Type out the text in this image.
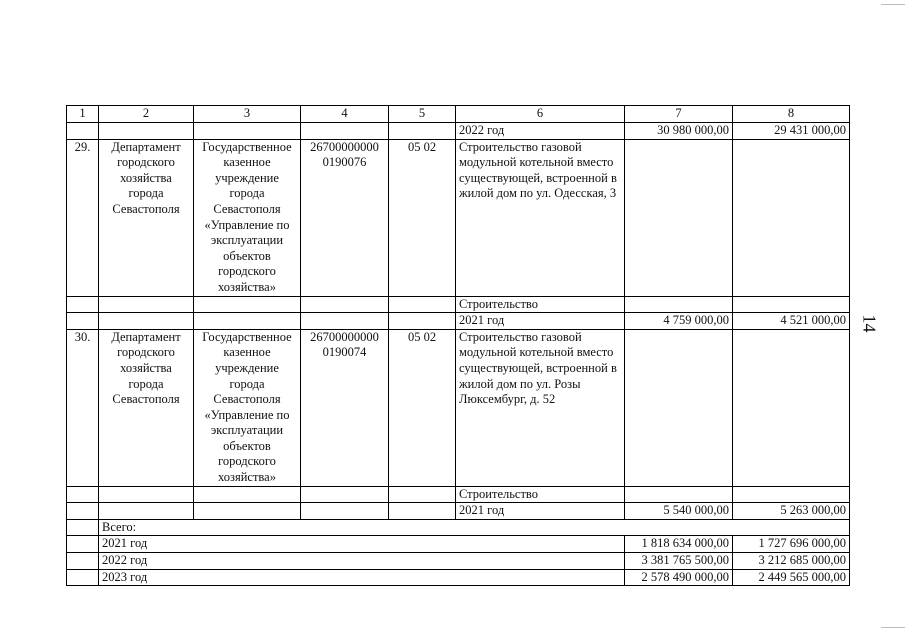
1	2	3	4	5	6	7	8
					2022 год	30 980 000,00	29 431 000,00
29.	Департамент городского хозяйства города Севастополя	Государственное казенное учреждение города Севастополя «Управление по эксплуатации объектов городского хозяйства»	26700000000 0190076	05 02	Строительство газовой модульной котельной вместо существующей, встроенной в жилой дом по ул. Одесская, 3		
					Строительство		
					2021 год	4 759 000,00	4 521 000,00
30.	Департамент городского хозяйства города Севастополя	Государственное казенное учреждение города Севастополя «Управление по эксплуатации объектов городского хозяйства»	26700000000 0190074	05 02	Строительство газовой модульной котельной вместо существующей, встроенной в жилой дом по ул. Розы Люксембург, д. 52		
					Строительство		
					2021 год	5 540 000,00	5 263 000,00
	Всего:						
	2021 год					1 818 634 000,00	1 727 696 000,00
	2022 год					3 381 765 500,00	3 212 685 000,00
	2023 год					2 578 490 000,00	2 449 565 000,00
14
